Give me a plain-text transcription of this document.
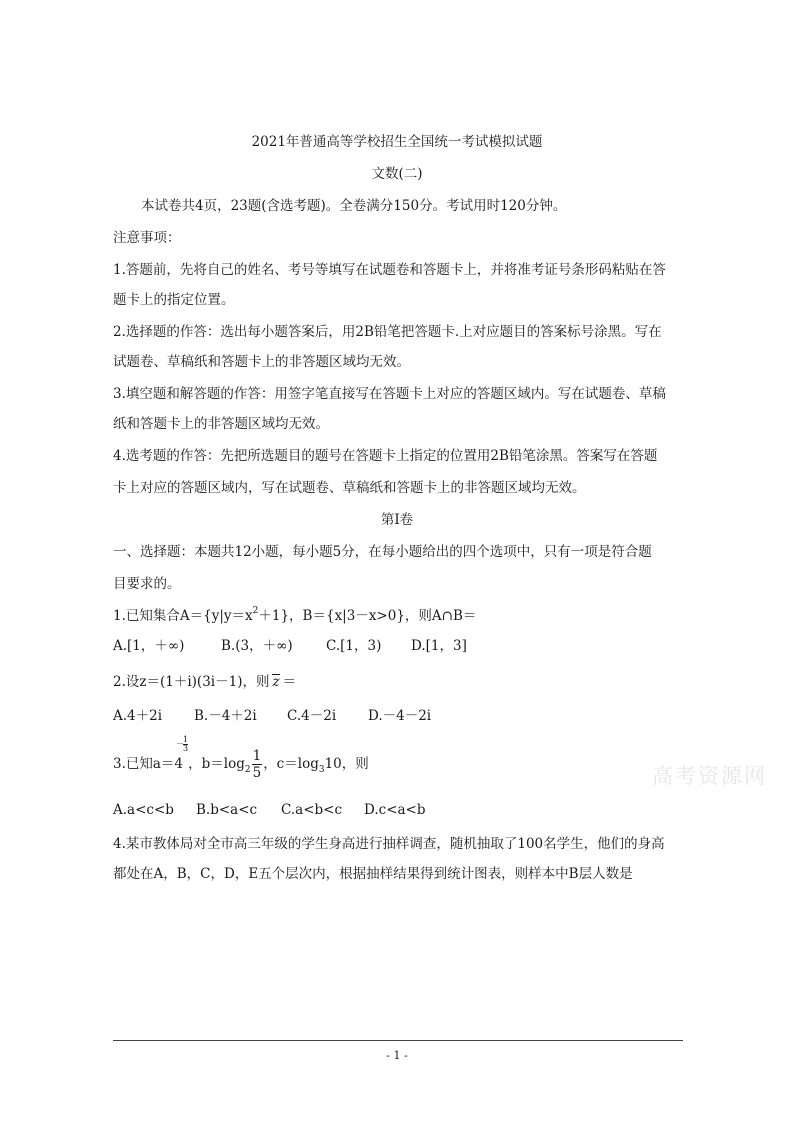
2021年普通高等学校招生全国统一考试模拟试题
文数(二)
本试卷共4页，23题(含选考题)。全卷满分150分。考试用时120分钟。
注意事项：
1.答题前，先将自己的姓名、考号等填写在试题卷和答题卡上，并将准考证号条形码粘贴在答
题卡上的指定位置。
2.选择题的作答：选出每小题答案后，用2B铅笔把答题卡.上对应题目的答案标号涂黑。写在
试题卷、草稿纸和答题卡上的非答题区域均无效。
3.填空题和解答题的作答：用签字笔直接写在答题卡上对应的答题区域内。写在试题卷、草稿
纸和答题卡上的非答题区域均无效。
4.选考题的作答：先把所选题目的题号在答题卡上指定的位置用2B铅笔涂黑。答案写在答题
卡上对应的答题区域内，写在试题卷、草稿纸和答题卡上的非答题区域均无效。
第I卷
一、选择题：本题共12小题，每小题5分，在每小题给出的四个选项中，只有一项是符合题
目要求的。
1.已知集合$A=\{y|y=x^2+1\}$，B＝{x|3－x>0}，则A∩B＝
A.[1，＋∞)	B.(3，＋∞) C.[1，3) D.[1，3]
2.设z＝(1＋i)(3i－1)，则 z ＝
A.4＋2i B.－4＋2i C.4－2i D.－4－2i
3.已知a＝4
－ 1
3
，$b=\log_2 \frac{1}{5}$ ，$c=\log_310$，则
A.a<c<b B.b<a<c C.a<b<c D.c<a<b
4.某市教体局对全市高三年级的学生身高进行抽样调查，随机抽取了100名学生，他们的身高
都处在A，B，C，D，E五个层次内，根据抽样结果得到统计图表，则样本中B层人数是
高考资源网
- 1 -
